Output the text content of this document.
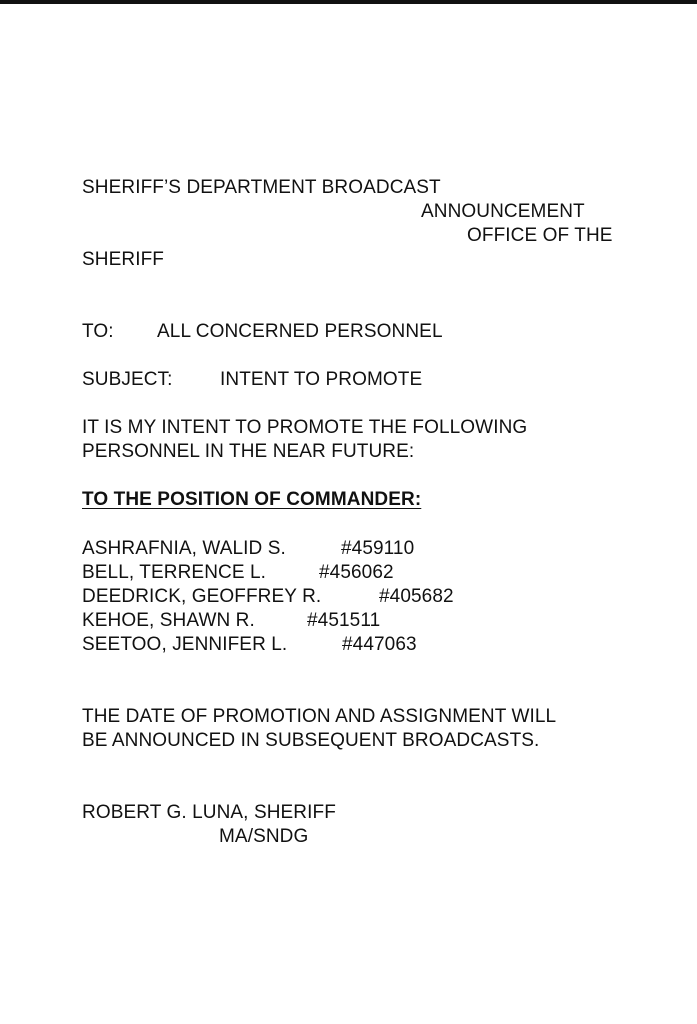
SHERIFF’S DEPARTMENT BROADCAST
ANNOUNCEMENT
OFFICE OF THE
SHERIFF
TO: ALL CONCERNED PERSONNEL
SUBJECT: INTENT TO PROMOTE
IT IS MY INTENT TO PROMOTE THE FOLLOWING
PERSONNEL IN THE NEAR FUTURE:
TO THE POSITION OF COMMANDER:
ASHRAFNIA, WALID S.	#459110
BELL, TERRENCE L.	#456062
DEEDRICK, GEOFFREY R.	#405682
KEHOE, SHAWN R.	#451511
SEETOO, JENNIFER L.	#447063
THE DATE OF PROMOTION AND ASSIGNMENT WILL
BE ANNOUNCED IN SUBSEQUENT BROADCASTS.
ROBERT G. LUNA, SHERIFF
MA/SNDG
